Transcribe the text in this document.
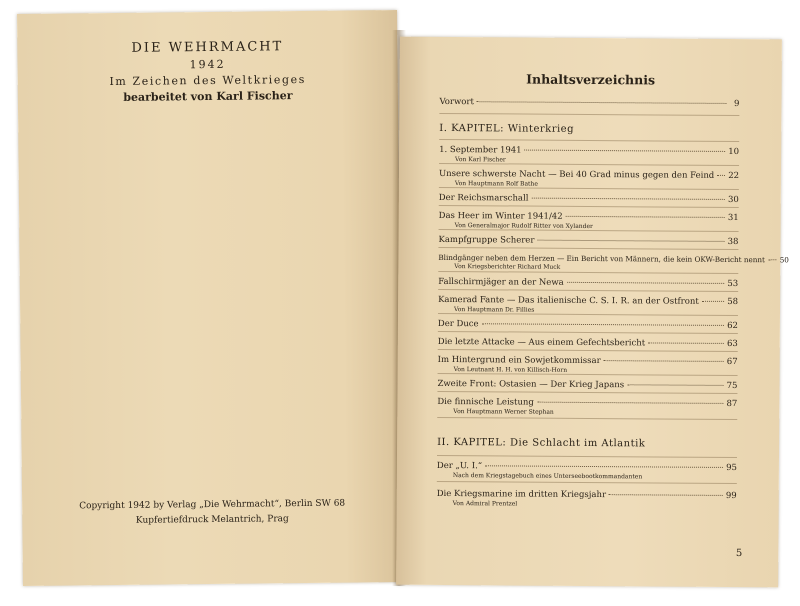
DIE WEHRMACHT
1942
Im Zeichen des Weltkrieges
bearbeitet von Karl Fischer
Copyright 1942 by Verlag „Die Wehrmacht“, Berlin SW 68
Kupfertiefdruck Melantrich, Prag
Inhaltsverzeichnis
Vorwort	9
I. KAPITEL: Winterkrieg
1. September 1941	10
Von Karl Fischer
Unsere schwerste Nacht — Bei 40 Grad minus gegen den Feind 22
Von Hauptmann Rolf Bathe
Der Reichsmarschall	30
Das Heer im Winter 1941/42	31
Von Generalmajor Rudolf Ritter von Xylander
Kampfgruppe Scherer	38
Blindgänger neben dem Herzen — Ein Bericht von Männern, die kein OKW-Bericht nennt 50
Von Kriegsberichter Richard Muck
Fallschirmjäger an der Newa	53
Kamerad Fante — Das italienische C. S. I. R. an der Ostfront	58
Von Hauptmann Dr. Fillies
Der Duce	62
Die letzte Attacke — Aus einem Gefechtsbericht	63
Im Hintergrund ein Sowjetkommissar	67
Von Leutnant H. H. von Killisch-Horn
Zweite Front: Ostasien — Der Krieg Japans	75
Die finnische Leistung	87
Von Hauptmann Werner Stephan
II. KAPITEL: Die Schlacht im Atlantik
Der „U. I.“	95
Nach dem Kriegstagebuch eines Unterseebootkommandanten
Die Kriegsmarine im dritten Kriegsjahr	99
Von Admiral Prentzel
5
